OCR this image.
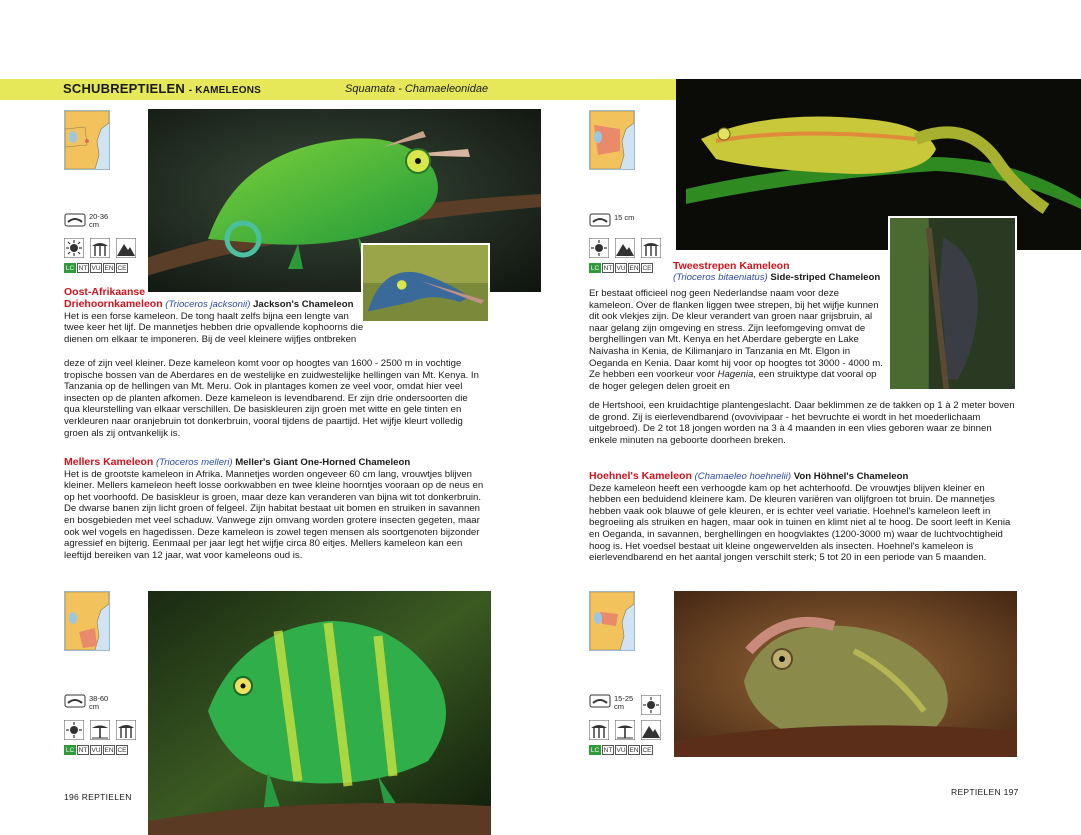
SCHUBREPTIELEN - KAMELEONS	Squamata - Chamaeleonidae
20-36 cm
LC NT VU EN CE
Oost-Afrikaanse
Driehoornkameleon (Trioceros jacksonii) Jackson's Chameleon
Het is een forse kameleon. De tong haalt zelfs bijna een lengte van twee keer het lijf. De mannetjes hebben drie opvallende kophoorns die dienen om elkaar te imponeren. Bij de veel kleinere wijfjes ontbreken
deze of zijn veel kleiner. Deze kameleon komt voor op hoogtes van 1600 - 2500 m in vochtige tropische bossen van de Aberdares en de westelijke en zuidwestelijke hellingen van Mt. Kenya. In Tanzania op de hellingen van Mt. Meru. Ook in plantages komen ze veel voor, omdat hier veel insecten op de planten afkomen. Deze kameleon is levendbarend. Er zijn drie ondersoorten die qua kleurstelling van elkaar verschillen. De basiskleuren zijn groen met witte en gele tinten en verkleuren naar oranjebruin tot donkerbruin, vooral tijdens de paartijd. Het wijfje kleurt volledig groen als zij ontvankelijk is.
Mellers Kameleon (Trioceros melleri) Meller's Giant One-Horned Chameleon
Het is de grootste kameleon in Afrika. Mannetjes worden ongeveer 60 cm lang, vrouwtjes blijven kleiner. Mellers kameleon heeft losse oorkwabben en twee kleine hoorntjes vooraan op de neus en op het voorhoofd. De basiskleur is groen, maar deze kan veranderen van bijna wit tot donkerbruin. De dwarse banen zijn licht groen of felgeel. Zijn habitat bestaat uit bomen en struiken in savannen en bosgebieden met veel schaduw. Vanwege zijn omvang worden grotere insecten gegeten, maar ook wel vogels en hagedissen. Deze kameleon is zowel tegen mensen als soortgenoten bijzonder agressief en bijterig. Eenmaal per jaar legt het wijfje circa 80 eitjes. Mellers kameleon kan een leeftijd bereiken van 12 jaar, wat voor kameleons oud is.
38-60 cm
LC NT VU EN CE
196 REPTIELEN
15 cm
LC NT VU EN CE Tweestrepen Kameleon
(Trioceros bitaeniatus) Side-striped Chameleon
Er bestaat officieel nog geen Nederlandse naam voor deze kameleon. Over de flanken liggen twee strepen, bij het wijfje kunnen dit ook vlekjes zijn. De kleur verandert van groen naar grijsbruin, al naar gelang zijn omgeving en stress. Zijn leefomgeving omvat de berghellingen van Mt. Kenya en het Aberdare gebergte en Lake Naivasha in Kenia, de Kilimanjaro in Tanzania en Mt. Elgon in Oeganda en Kenia. Daar komt hij voor op hoogtes tot 3000 - 4000 m. Ze hebben een voorkeur voor Hagenia, een struiktype dat vooral op de hoger gelegen delen groeit en
de Hertshooi, een kruidachtige plantengeslacht. Daar beklimmen ze de takken op 1 à 2 meter boven de grond. Zij is eierlevendbarend (ovovivipaar - het bevruchte ei wordt in het moederlichaam uitgebroed). De 2 tot 18 jongen worden na 3 à 4 maanden in een vlies geboren waar ze binnen enkele minuten na geboorte doorheen breken.
Hoehnel's Kameleon (Chamaeleo hoehnelii) Von Höhnel's Chameleon
Deze kameleon heeft een verhoogde kam op het achterhoofd. De vrouwtjes blijven kleiner en hebben een beduidend kleinere kam. De kleuren variëren van olijfgroen tot bruin. De mannetjes hebben vaak ook blauwe of gele kleuren, er is echter veel variatie. Hoehnel's kameleon leeft in begroeiing als struiken en hagen, maar ook in tuinen en klimt niet al te hoog. De soort leeft in Kenia en Oeganda, in savannen, berghellingen en hoogvlaktes (1200-3000 m) waar de luchtvochtigheid hoog is. Het voedsel bestaat uit kleine ongewervelden als insecten. Hoehnel's kameleon is eierlevendbarend en het aantal jongen verschilt sterk; 5 tot 20 in een periode van 5 maanden.
15-25 cm
LC NT VU EN CE
REPTIELEN 197
